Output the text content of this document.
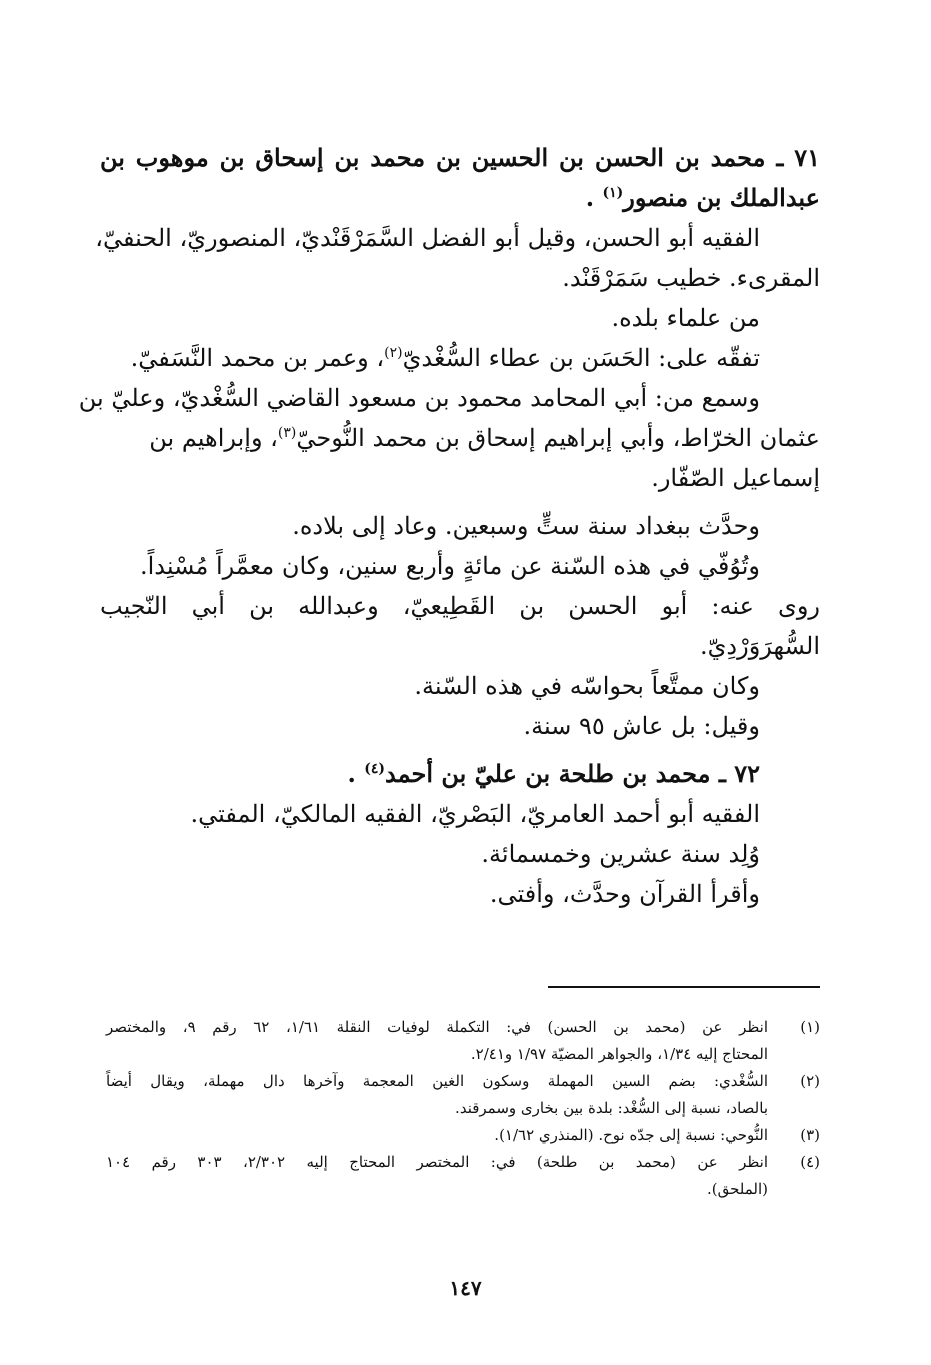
٧١ ـ محمد بن الحسن بن الحسين بن محمد بن إسحاق بن موهوب بن
عبدالملك بن منصور$^{(١)}$ .
الفقيه أبو الحسن، وقيل أبو الفضل السَّمَرْقَنْديّ، المنصوريّ، الحنفيّ،
المقرىء. خطيب سَمَرْقَنْد.
من علماء بلده.
تفقّه على: الحَسَن بن عطاء السُّغْديّ$^{(٢)}$، وعمر بن محمد النَّسَفيّ.
وسمع من: أبي المحامد محمود بن مسعود القاضي السُّغْديّ، وعليّ بن
عثمان الخرّاط، وأبي إبراهيم إسحاق بن محمد النُّوحيّ$^{(٣)}$، وإبراهيم بن
إسماعيل الصّفّار.
وحدَّث ببغداد سنة ستٍّ وسبعين. وعاد إلى بلاده.
وتُوُفّي في هذه السّنة عن مائةٍ وأربع سنين، وكان معمَّراً مُسْنِداً.
روى عنه: أبو الحسن بن القَطِيعيّ، وعبدالله بن أبي النّجيب
السُّهرَوَرْدِيّ.
وكان ممتَّعاً بحواسّه في هذه السّنة.
وقيل: بل عاش ٩٥ سنة.
٧٢ ـ محمد بن طلحة بن عليّ بن أحمد$^{(٤)}$ .
الفقيه أبو أحمد العامريّ، البَصْريّ، الفقيه المالكيّ، المفتي.
وُلِد سنة عشرين وخمسمائة.
وأقرأ القرآن وحدَّث، وأفتى.
(١)
انظر عن (محمد بن الحسن) في: التكملة لوفيات النقلة ١/٦١، ٦٢ رقم ٩، والمختصر
المحتاج إليه ١/٣٤، والجواهر المضيّة ١/٩٧ و٢/٤١.
(٢)
السُّغْدي: بضم السين المهملة وسكون الغين المعجمة وآخرها دال مهملة، ويقال أيضاً
بالصاد، نسبة إلى السُّغْد: بلدة بين بخارى وسمرقند.
(٣)
النُّوحي: نسبة إلى جدّه نوح. (المنذري ١/٦٢).
(٤)
انظر عن (محمد بن طلحة) في: المختصر المحتاج إليه ٢/٣٠٢، ٣٠٣ رقم ١٠٤
(الملحق).
١٤٧
